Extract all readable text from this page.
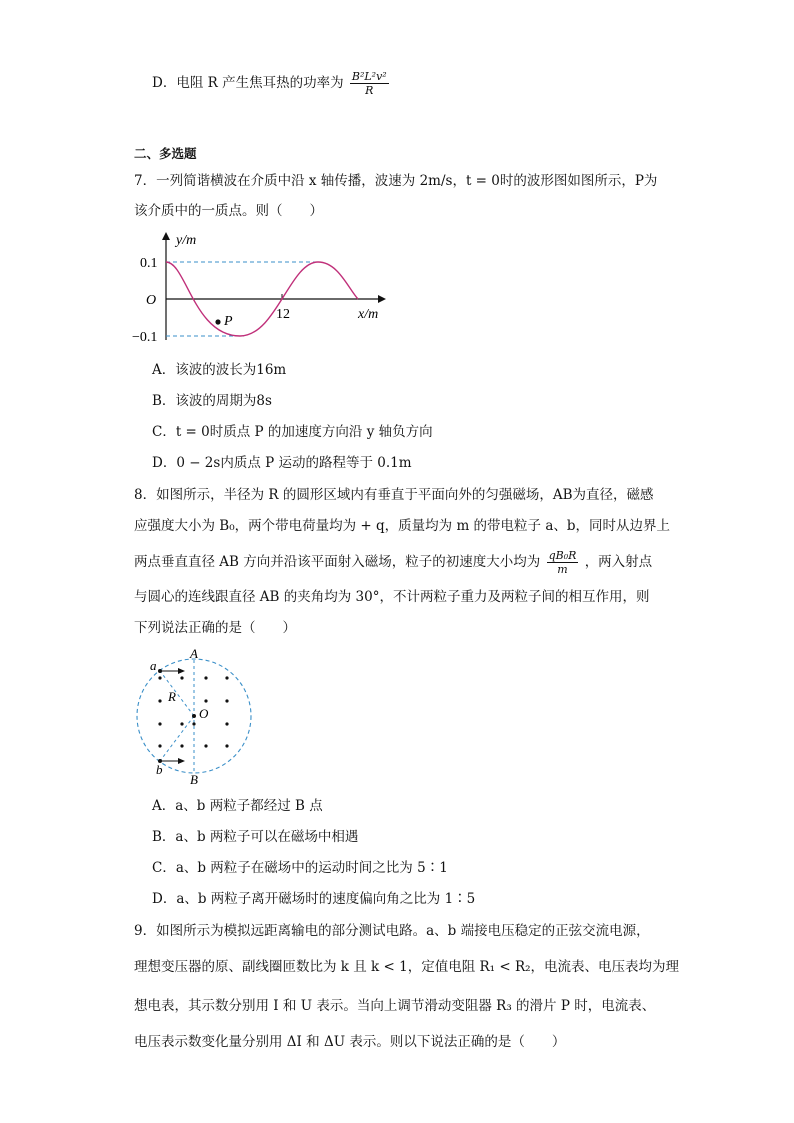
D．电阻 R 产生焦耳热的功率为 $\frac{\text{B²L²v²}}{R}$
二、多选题
7．一列简谐横波在介质中沿 x 轴传播，波速为 2m/s，t = 0时的波形图如图所示，P为
该介质中的一质点。则（　　）
y/m
x/m
O
0.1
−0.1
12
P
A．该波的波长为16m
B．该波的周期为8s
C．t = 0时质点 P 的加速度方向沿 y 轴负方向
D．0 − 2s内质点 P 运动的路程等于 0.1m
8．如图所示，半径为 R 的圆形区域内有垂直于平面向外的匀强磁场，AB为直径，磁感
应强度大小为 B₀，两个带电荷量均为 + q，质量均为 m 的带电粒子 a、b，同时从边界上
两点垂直直径 AB 方向并沿该平面射入磁场，粒子的初速度大小均为 $\frac{\text{qB₀R}}{m}$ ，两入射点
与圆心的连线跟直径 AB 的夹角均为 30°，不计两粒子重力及两粒子间的相互作用，则
下列说法正确的是（　　）
a
b
A
B
O
R
A．a、b 两粒子都经过 B 点
B．a、b 两粒子可以在磁场中相遇
C．a、b 两粒子在磁场中的运动时间之比为 5∶1
D．a、b 两粒子离开磁场时的速度偏向角之比为 1∶5
9．如图所示为模拟远距离输电的部分测试电路。a、b 端接电压稳定的正弦交流电源，
理想变压器的原、副线圈匝数比为 k 且 k < 1，定值电阻 R₁ < R₂，电流表、电压表均为理
想电表，其示数分别用 I 和 U 表示。当向上调节滑动变阻器 R₃ 的滑片 P 时，电流表、
电压表示数变化量分别用 ΔI 和 ΔU 表示。则以下说法正确的是（　　）
